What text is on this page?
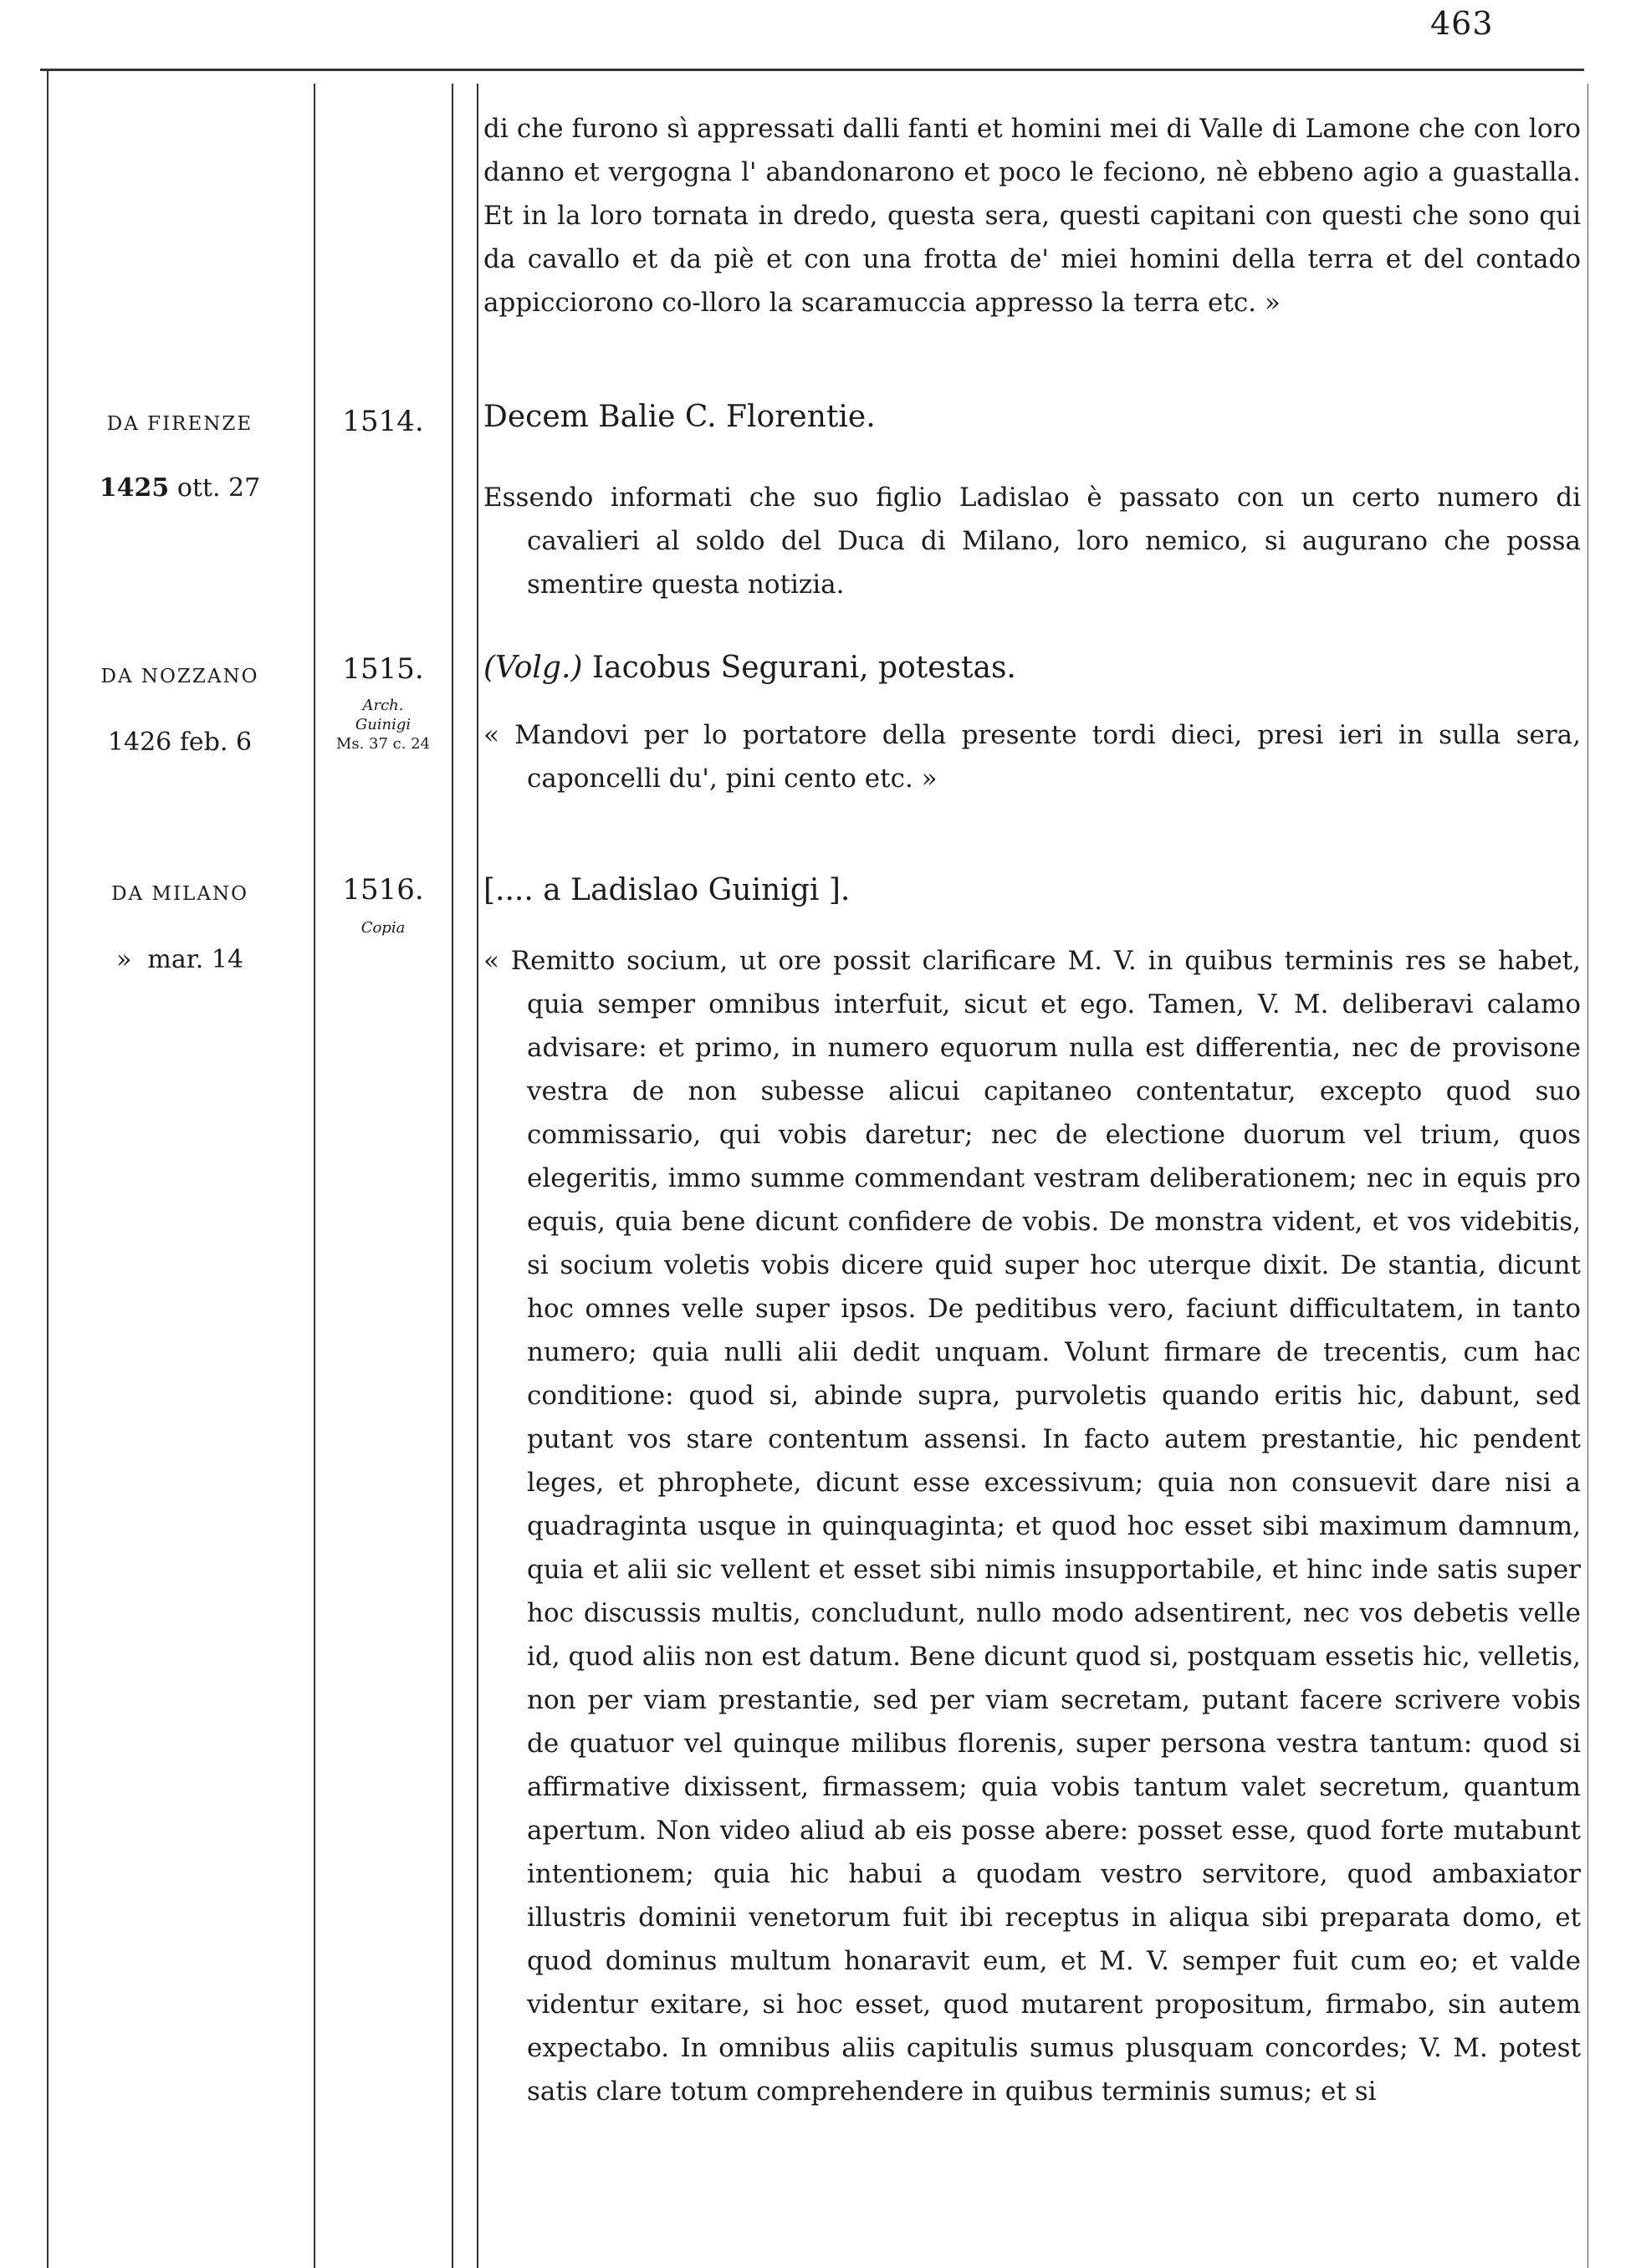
463

di che furono sì appressati dalli fanti et homini mei di Valle di Lamone che con loro danno et vergogna l' abandonarono et poco le feciono, nè ebbeno agio a guastalla. Et in la loro tornata in dredo, questa sera, questi capitani con questi che sono qui da cavallo et da piè et con una frotta de' miei homini della terra et del contado appicciorono co-lloro la scaramuccia appresso la terra etc. »

DA FIRENZE
1425 ott. 27
1514.	Decem Balie C. Florentie.

Essendo informati che suo figlio Ladislao è passato con un certo numero di cavalieri al soldo del Duca di Milano, loro nemico, si augurano che possa smentire questa notizia.

DA NOZZANO
1426 feb. 6
1515.
Arch.
Guinigi
Ms. 37 c. 24
(Volg.) Iacobus Segurani, potestas.

« Mandovi per lo portatore della presente tordi dieci, presi ieri in sulla sera, caponcelli du', pini cento etc. »

DA MILANO
» mar. 14
1516.
Copia
[.... a Ladislao Guinigi ].

« Remitto socium, ut ore possit clarificare M. V. in quibus terminis res se habet, quia semper omnibus interfuit, sicut et ego. Tamen, V. M. deliberavi calamo advisare: et primo, in numero equorum nulla est differentia, nec de provisone vestra de non subesse alicui capitaneo contentatur, excepto quod suo commissario, qui vobis daretur; nec de electione duorum vel trium, quos elegeritis, immo summe commendant vestram deliberationem; nec in equis pro equis, quia bene dicunt confidere de vobis. De monstra vident, et vos videbitis, si socium voletis vobis dicere quid super hoc uterque dixit. De stantia, dicunt hoc omnes velle super ipsos. De peditibus vero, faciunt difficultatem, in tanto numero; quia nulli alii dedit unquam. Volunt firmare de trecentis, cum hac conditione: quod si, abinde supra, purvoletis quando eritis hic, dabunt, sed putant vos stare contentum assensi. In facto autem prestantie, hic pendent leges, et phrophete, dicunt esse excessivum; quia non consuevit dare nisi a quadraginta usque in quinquaginta; et quod hoc esset sibi maximum damnum, quia et alii sic vellent et esset sibi nimis insupportabile, et hinc inde satis super hoc discussis multis, concludunt, nullo modo adsentirent, nec vos debetis velle id, quod aliis non est datum. Bene dicunt quod si, postquam essetis hic, velletis, non per viam prestantie, sed per viam secretam, putant facere scrivere vobis de quatuor vel quinque milibus florenis, super persona vestra tantum: quod si affirmative dixissent, firmassem; quia vobis tantum valet secretum, quantum apertum. Non video aliud ab eis posse abere: posset esse, quod forte mutabunt intentionem; quia hic habui a quodam vestro servitore, quod ambaxiator illustris dominii venetorum fuit ibi receptus in aliqua sibi preparata domo, et quod dominus multum honaravit eum, et M. V. semper fuit cum eo; et valde videntur exitare, si hoc esset, quod mutarent propositum, firmabo, sin autem expectabo. In omnibus aliis capitulis sumus plusquam concordes; V. M. potest satis clare totum comprehendere in quibus terminis sumus; et si
